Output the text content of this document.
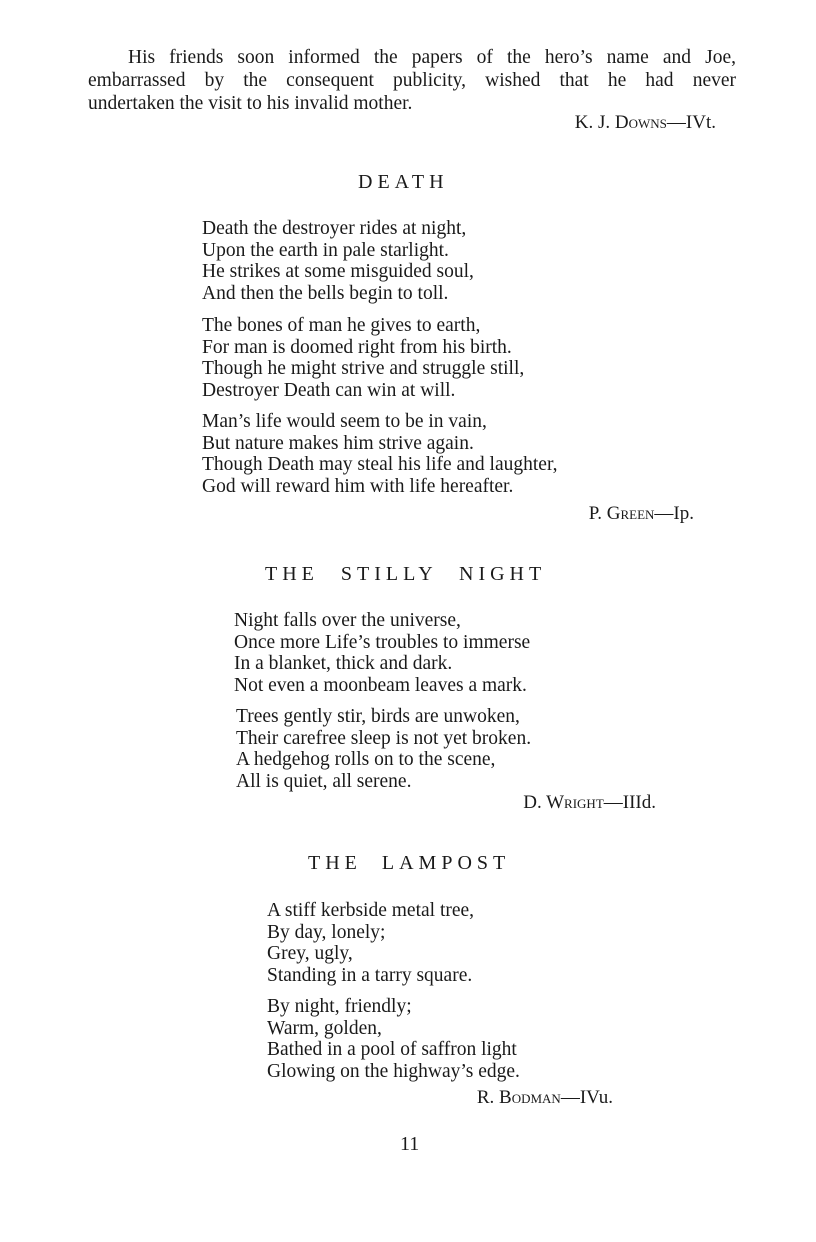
His friends soon informed the papers of the hero’s name and Joe,
embarrassed by the consequent publicity, wished that he had never
undertaken the visit to his invalid mother.
K. J. Downs—IVt.
DEATH
Death the destroyer rides at night,
Upon the earth in pale starlight.
He strikes at some misguided soul,
And then the bells begin to toll.
The bones of man he gives to earth,
For man is doomed right from his birth.
Though he might strive and struggle still,
Destroyer Death can win at will.
Man’s life would seem to be in vain,
But nature makes him strive again.
Though Death may steal his life and laughter,
God will reward him with life hereafter.
P. Green—Ip.
THE STILLY NIGHT
Night falls over the universe,
Once more Life’s troubles to immerse
In a blanket, thick and dark.
Not even a moonbeam leaves a mark.
Trees gently stir, birds are unwoken,
Their carefree sleep is not yet broken.
A hedgehog rolls on to the scene,
All is quiet, all serene.
D. Wright—IIId.
THE LAMPOST
A stiff kerbside metal tree,
By day, lonely;
Grey, ugly,
Standing in a tarry square.
By night, friendly;
Warm, golden,
Bathed in a pool of saffron light
Glowing on the highway’s edge.
R. Bodman—IVu.
11
